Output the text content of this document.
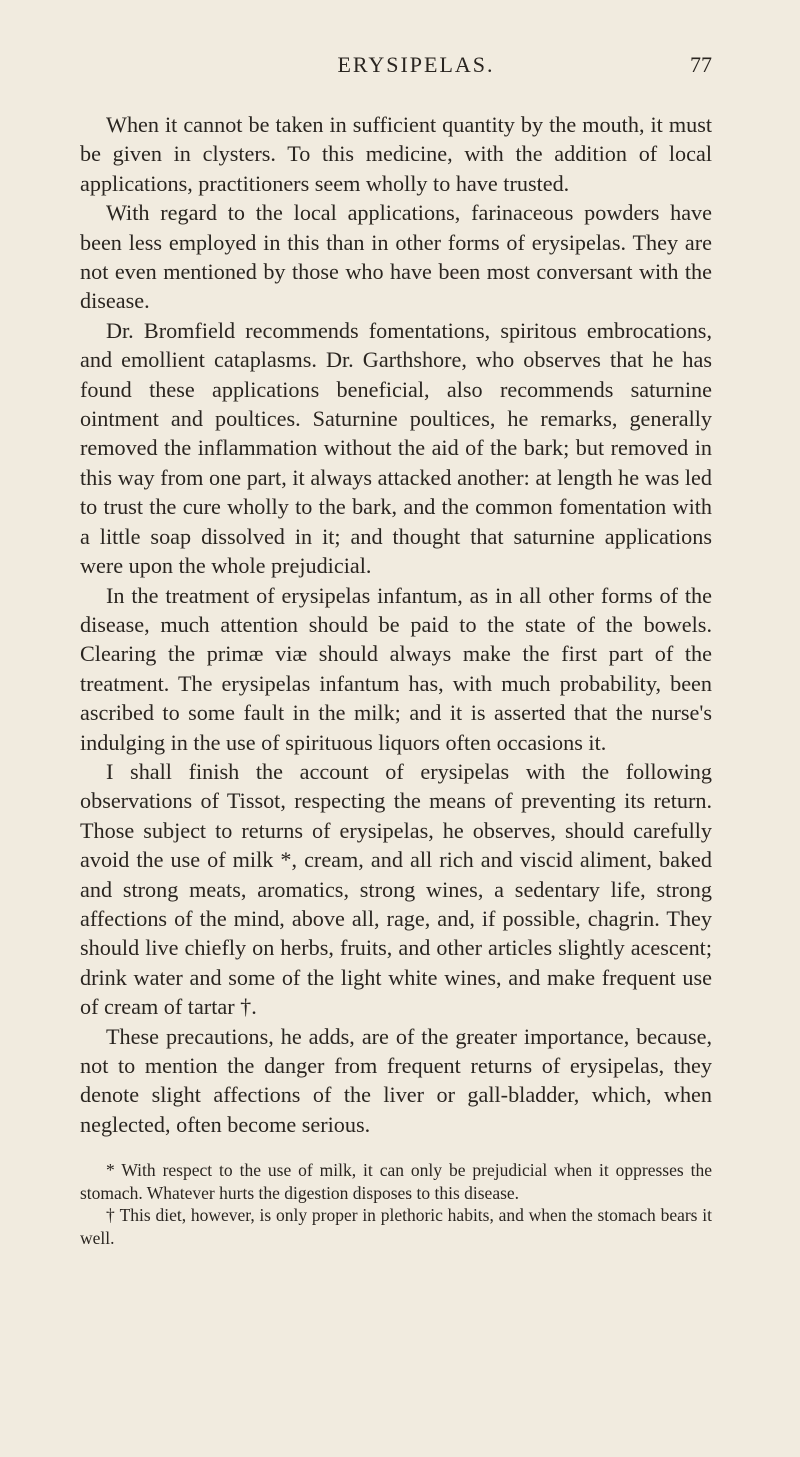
ERYSIPELAS.	77

When it cannot be taken in sufficient quantity by the mouth, it must be given in clysters. To this medicine, with the addition of local applications, practitioners seem wholly to have trusted.

With regard to the local applications, farinaceous powders have been less employed in this than in other forms of erysipelas. They are not even mentioned by those who have been most conversant with the disease.

Dr. Bromfield recommends fomentations, spiritous embrocations, and emollient cataplasms. Dr. Garthshore, who observes that he has found these applications beneficial, also recommends saturnine ointment and poultices. Saturnine poultices, he remarks, generally removed the inflammation without the aid of the bark; but removed in this way from one part, it always attacked another: at length he was led to trust the cure wholly to the bark, and the common fomentation with a little soap dissolved in it; and thought that saturnine applications were upon the whole prejudicial.

In the treatment of erysipelas infantum, as in all other forms of the disease, much attention should be paid to the state of the bowels. Clearing the primæ viæ should always make the first part of the treatment. The erysipelas infantum has, with much probability, been ascribed to some fault in the milk; and it is asserted that the nurse's indulging in the use of spirituous liquors often occasions it.

I shall finish the account of erysipelas with the following observations of Tissot, respecting the means of preventing its return. Those subject to returns of erysipelas, he observes, should carefully avoid the use of milk *, cream, and all rich and viscid aliment, baked and strong meats, aromatics, strong wines, a sedentary life, strong affections of the mind, above all, rage, and, if possible, chagrin. They should live chiefly on herbs, fruits, and other articles slightly acescent; drink water and some of the light white wines, and make frequent use of cream of tartar †.

These precautions, he adds, are of the greater importance, because, not to mention the danger from frequent returns of erysipelas, they denote slight affections of the liver or gall-bladder, which, when neglected, often become serious.

* With respect to the use of milk, it can only be prejudicial when it oppresses the stomach. Whatever hurts the digestion disposes to this disease.

† This diet, however, is only proper in plethoric habits, and when the stomach bears it well.
